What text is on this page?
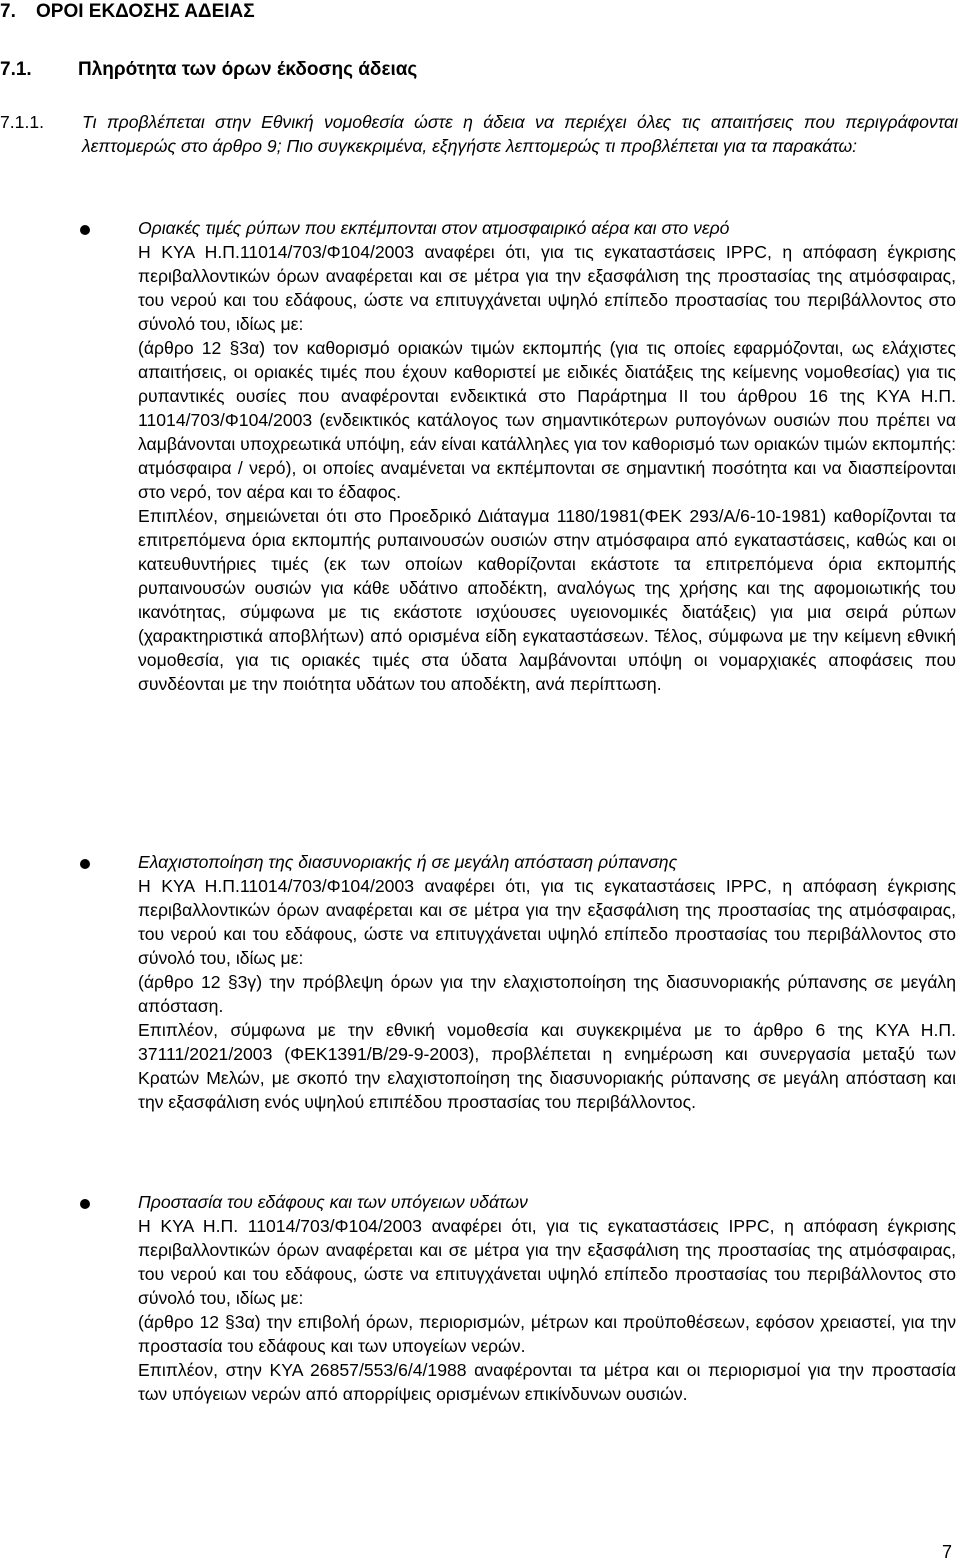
7. ΟΡΟΙ ΕΚΔΟΣΗΣ ΑΔΕΙΑΣ
7.1. Πληρότητα των όρων έκδοσης άδειας
7.1.1. Τι προβλέπεται στην Εθνική νομοθεσία ώστε η άδεια να περιέχει όλες τις απαιτήσεις που περιγράφονται λεπτομερώς στο άρθρο 9; Πιο συγκεκριμένα, εξηγήστε λεπτομερώς τι προβλέπεται για τα παρακάτω:

Οριακές τιμές ρύπων που εκπέμπονται στον ατμοσφαιρικό αέρα και στο νερό

Η ΚΥΑ Η.Π.11014/703/Φ104/2003 αναφέρει ότι, για τις εγκαταστάσεις IPPC, η απόφαση έγκρισης περιβαλλοντικών όρων αναφέρεται και σε μέτρα για την εξασφάλιση της προστασίας της ατμόσφαιρας, του νερού και του εδάφους, ώστε να επιτυγχάνεται υψηλό επίπεδο προστασίας του περιβάλλοντος στο σύνολό του, ιδίως με:

(άρθρο 12 §3α) τον καθορισμό οριακών τιμών εκπομπής (για τις οποίες εφαρμόζονται, ως ελάχιστες απαιτήσεις, οι οριακές τιμές που έχουν καθοριστεί με ειδικές διατάξεις της κείμενης νομοθεσίας) για τις ρυπαντικές ουσίες που αναφέρονται ενδεικτικά στο Παράρτημα ΙΙ του άρθρου 16 της ΚΥΑ Η.Π. 11014/703/Φ104/2003 (ενδεικτικός κατάλογος των σημαντικότερων ρυπογόνων ουσιών που πρέπει να λαμβάνονται υποχρεωτικά υπόψη, εάν είναι κατάλληλες για τον καθορισμό των οριακών τιμών εκπομπής: ατμόσφαιρα / νερό), οι οποίες αναμένεται να εκπέμπονται σε σημαντική ποσότητα και να διασπείρονται στο νερό, τον αέρα και το έδαφος.

Επιπλέον, σημειώνεται ότι στο Προεδρικό Διάταγμα 1180/1981(ΦΕΚ 293/Α/6-10-1981) καθορίζονται τα επιτρεπόμενα όρια εκπομπής ρυπαινουσών ουσιών στην ατμόσφαιρα από εγκαταστάσεις, καθώς και οι κατευθυντήριες τιμές (εκ των οποίων καθορίζονται εκάστοτε τα επιτρεπόμενα όρια εκπομπής ρυπαινουσών ουσιών για κάθε υδάτινο αποδέκτη, αναλόγως της χρήσης και της αφομοιωτικής του ικανότητας, σύμφωνα με τις εκάστοτε ισχύουσες υγειονομικές διατάξεις) για μια σειρά ρύπων (χαρακτηριστικά αποβλήτων) από ορισμένα είδη εγκαταστάσεων. Τέλος, σύμφωνα με την κείμενη εθνική νομοθεσία, για τις οριακές τιμές στα ύδατα λαμβάνονται υπόψη οι νομαρχιακές αποφάσεις που συνδέονται με την ποιότητα υδάτων του αποδέκτη, ανά περίπτωση.

Ελαχιστοποίηση της διασυνοριακής ή σε μεγάλη απόσταση ρύπανσης

Η ΚΥΑ Η.Π.11014/703/Φ104/2003 αναφέρει ότι, για τις εγκαταστάσεις IPPC, η απόφαση έγκρισης περιβαλλοντικών όρων αναφέρεται και σε μέτρα για την εξασφάλιση της προστασίας της ατμόσφαιρας, του νερού και του εδάφους, ώστε να επιτυγχάνεται υψηλό επίπεδο προστασίας του περιβάλλοντος στο σύνολό του, ιδίως με:

(άρθρο 12 §3γ) την πρόβλεψη όρων για την ελαχιστοποίηση της διασυνοριακής ρύπανσης σε μεγάλη απόσταση.

Επιπλέον, σύμφωνα με την εθνική νομοθεσία και συγκεκριμένα με το άρθρο 6 της ΚΥΑ Η.Π. 37111/2021/2003 (ΦΕΚ1391/Β/29-9-2003), προβλέπεται η ενημέρωση και συνεργασία μεταξύ των Κρατών Μελών, με σκοπό την ελαχιστοποίηση της διασυνοριακής ρύπανσης σε μεγάλη απόσταση και την εξασφάλιση ενός υψηλού επιπέδου προστασίας του περιβάλλοντος.

Προστασία του εδάφους και των υπόγειων υδάτων

Η ΚΥΑ Η.Π. 11014/703/Φ104/2003 αναφέρει ότι, για τις εγκαταστάσεις IPPC, η απόφαση έγκρισης περιβαλλοντικών όρων αναφέρεται και σε μέτρα για την εξασφάλιση της προστασίας της ατμόσφαιρας, του νερού και του εδάφους, ώστε να επιτυγχάνεται υψηλό επίπεδο προστασίας του περιβάλλοντος στο σύνολό του, ιδίως με:

(άρθρο 12 §3α) την επιβολή όρων, περιορισμών, μέτρων και προϋποθέσεων, εφόσον χρειαστεί, για την προστασία του εδάφους και των υπογείων νερών.

Επιπλέον, στην ΚΥΑ 26857/553/6/4/1988 αναφέρονται τα μέτρα και οι περιορισμοί για την προστασία των υπόγειων νερών από απορρίψεις ορισμένων επικίνδυνων ουσιών.

7
